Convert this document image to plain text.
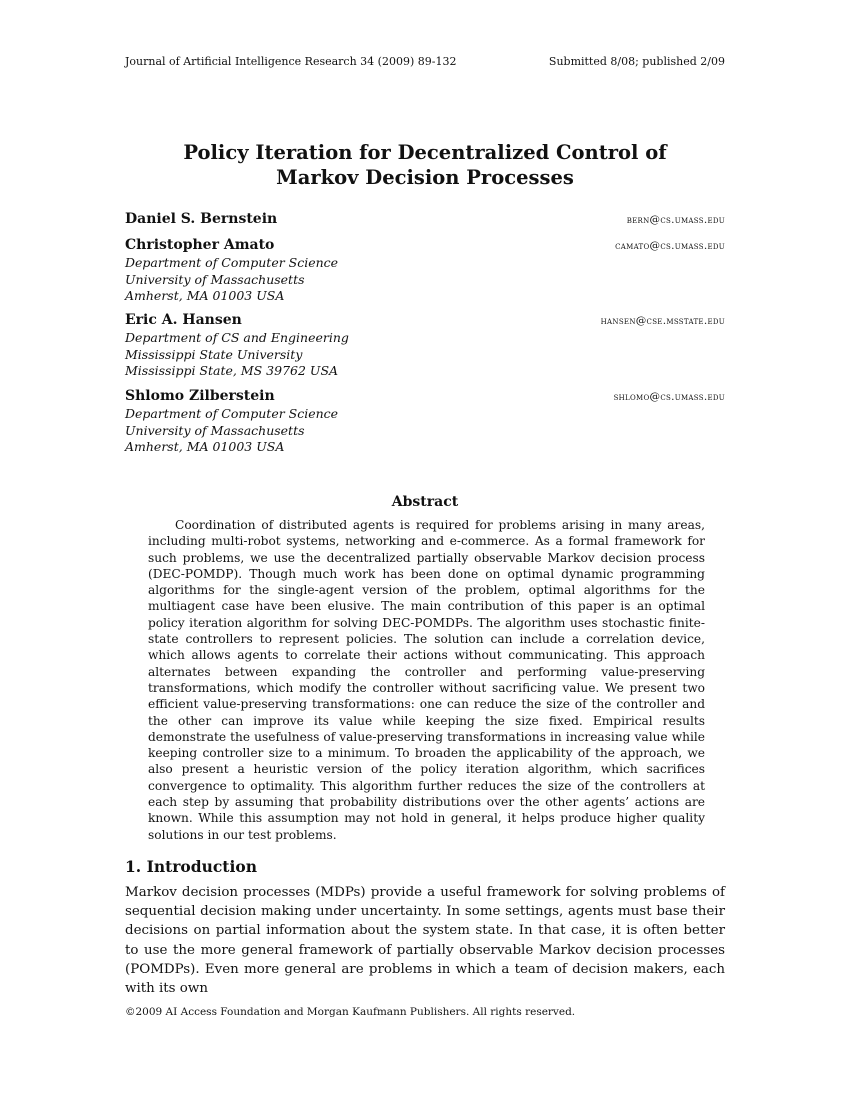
Journal of Artificial Intelligence Research 34 (2009) 89-132	Submitted 8/08; published 2/09
Policy Iteration for Decentralized Control of
Markov Decision Processes
Daniel S. Bernstein	bern@cs.umass.edu
Christopher Amato	camato@cs.umass.edu
Department of Computer Science
University of Massachusetts
Amherst, MA 01003 USA
Eric A. Hansen	hansen@cse.msstate.edu
Department of CS and Engineering
Mississippi State University
Mississippi State, MS 39762 USA
Shlomo Zilberstein	shlomo@cs.umass.edu
Department of Computer Science
University of Massachusetts
Amherst, MA 01003 USA
Abstract

Coordination of distributed agents is required for problems arising in many areas, including multi-robot systems, networking and e-commerce. As a formal framework for such problems, we use the decentralized partially observable Markov decision process (DEC-POMDP). Though much work has been done on optimal dynamic programming algorithms for the single-agent version of the problem, optimal algorithms for the multiagent case have been elusive. The main contribution of this paper is an optimal policy iteration algorithm for solving DEC-POMDPs. The algorithm uses stochastic finite-state controllers to represent policies. The solution can include a correlation device, which allows agents to correlate their actions without communicating. This approach alternates between expanding the controller and performing value-preserving transformations, which modify the controller without sacrificing value. We present two efficient value-preserving transformations: one can reduce the size of the controller and the other can improve its value while keeping the size fixed. Empirical results demonstrate the usefulness of value-preserving transformations in increasing value while keeping controller size to a minimum. To broaden the applicability of the approach, we also present a heuristic version of the policy iteration algorithm, which sacrifices convergence to optimality. This algorithm further reduces the size of the controllers at each step by assuming that probability distributions over the other agents’ actions are known. While this assumption may not hold in general, it helps produce higher quality solutions in our test problems.

1. Introduction

Markov decision processes (MDPs) provide a useful framework for solving problems of sequential decision making under uncertainty. In some settings, agents must base their decisions on partial information about the system state. In that case, it is often better to use the more general framework of partially observable Markov decision processes (POMDPs). Even more general are problems in which a team of decision makers, each with its own

©2009 AI Access Foundation and Morgan Kaufmann Publishers. All rights reserved.
